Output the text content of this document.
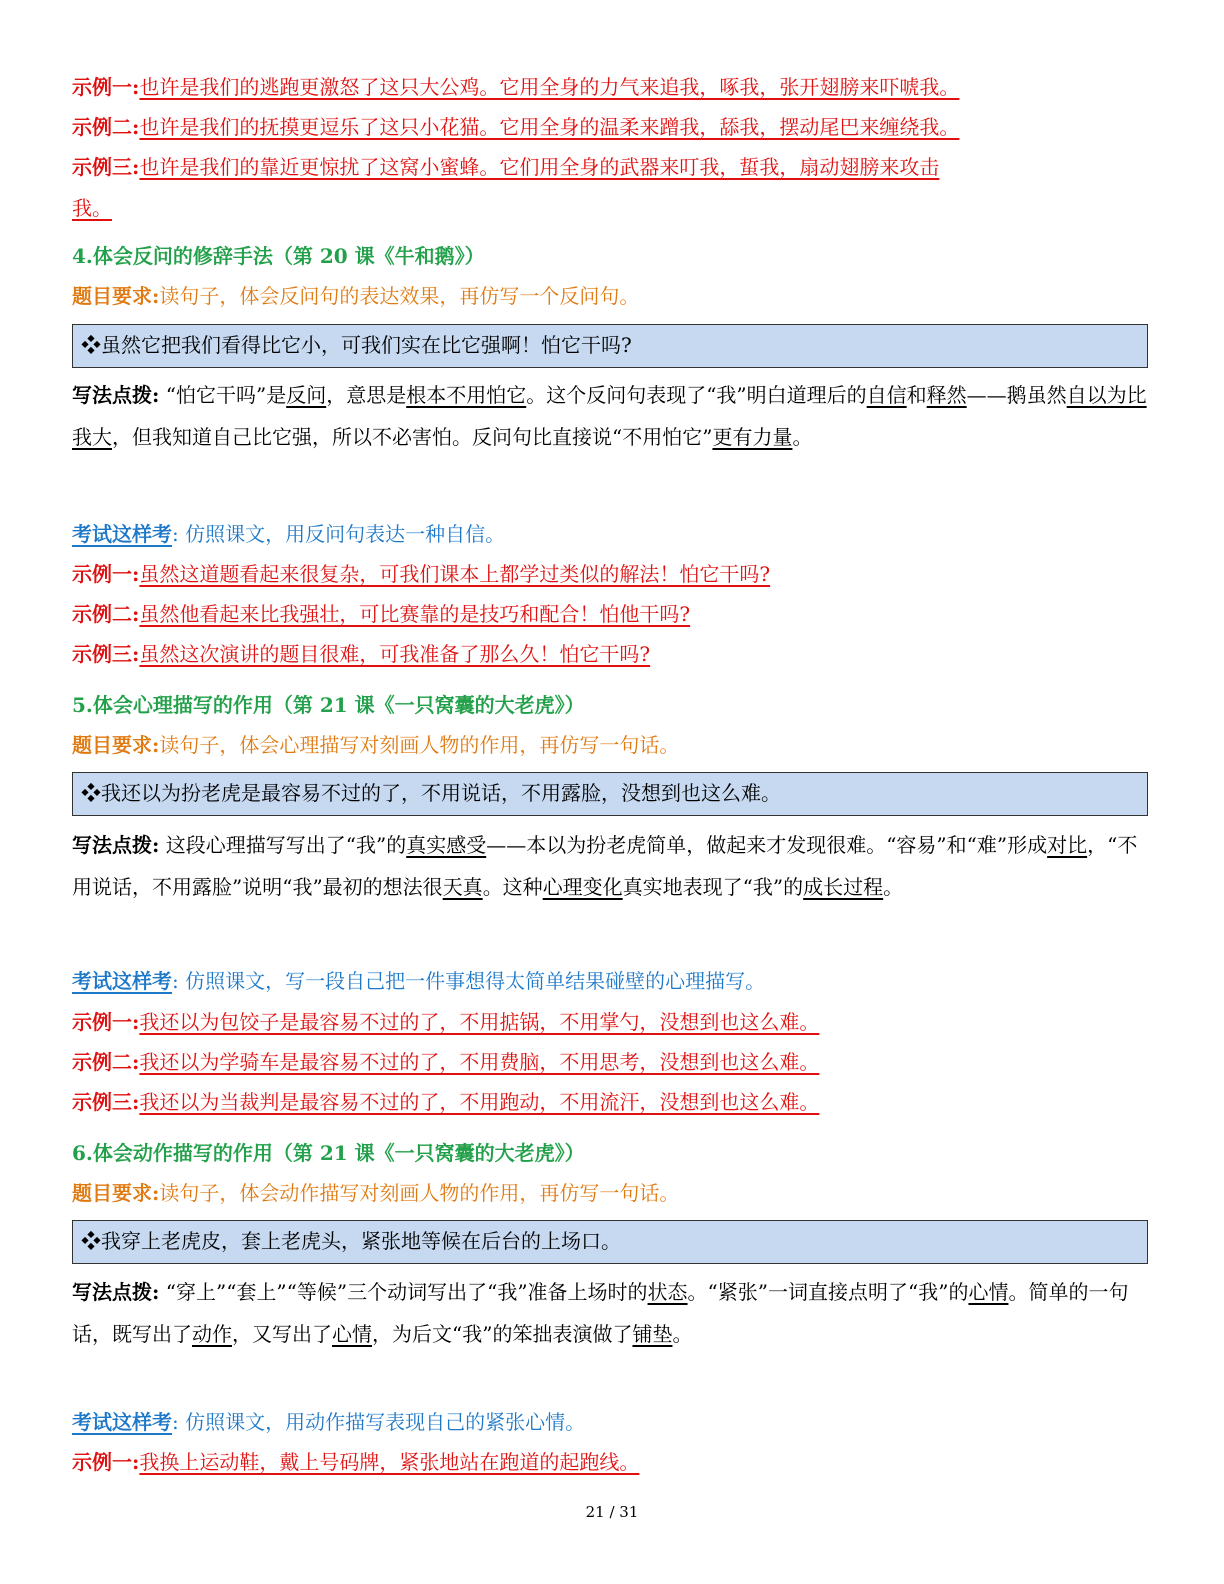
示例一:也许是我们的逃跑更激怒了这只大公鸡。它用全身的力气来追我，啄我，张开翅膀来吓唬我。
示例二:也许是我们的抚摸更逗乐了这只小花猫。它用全身的温柔来蹭我，舔我，摆动尾巴来缠绕我。
示例三:也许是我们的靠近更惊扰了这窝小蜜蜂。它们用全身的武器来叮我，蜇我，扇动翅膀来攻击
我。
4.体会反问的修辞手法（第 20 课《牛和鹅》）
题目要求:读句子，体会反问句的表达效果，再仿写一个反问句。
❖虽然它把我们看得比它小，可我们实在比它强啊！怕它干吗?
写法点拨: “怕它干吗”是反问，意思是根本不用怕它。这个反问句表现了“我”明白道理后的自信和释然——鹅虽然自以为比我大，但我知道自己比它强，所以不必害怕。反问句比直接说“不用怕它”更有力量。
考试这样考: 仿照课文，用反问句表达一种自信。
示例一:虽然这道题看起来很复杂，可我们课本上都学过类似的解法！怕它干吗?
示例二:虽然他看起来比我强壮，可比赛靠的是技巧和配合！怕他干吗?
示例三:虽然这次演讲的题目很难，可我准备了那么久！怕它干吗?
5.体会心理描写的作用（第 21 课《一只窝囊的大老虎》）
题目要求:读句子，体会心理描写对刻画人物的作用，再仿写一句话。
❖我还以为扮老虎是最容易不过的了，不用说话，不用露脸，没想到也这么难。
写法点拨: 这段心理描写写出了“我”的真实感受——本以为扮老虎简单，做起来才发现很难。“容易”和“难”形成对比，“不用说话，不用露脸”说明“我”最初的想法很天真。这种心理变化真实地表现了“我”的成长过程。
考试这样考: 仿照课文，写一段自己把一件事想得太简单结果碰壁的心理描写。
示例一:我还以为包饺子是最容易不过的了，不用掂锅，不用掌勺，没想到也这么难。
示例二:我还以为学骑车是最容易不过的了，不用费脑，不用思考，没想到也这么难。
示例三:我还以为当裁判是最容易不过的了，不用跑动，不用流汗，没想到也这么难。
6.体会动作描写的作用（第 21 课《一只窝囊的大老虎》）
题目要求:读句子，体会动作描写对刻画人物的作用，再仿写一句话。
❖我穿上老虎皮，套上老虎头，紧张地等候在后台的上场口。
写法点拨: “穿上”“套上”“等候”三个动词写出了“我”准备上场时的状态。“紧张”一词直接点明了“我”的心情。简单的一句话，既写出了动作，又写出了心情，为后文“我”的笨拙表演做了铺垫。
考试这样考: 仿照课文，用动作描写表现自己的紧张心情。
示例一:我换上运动鞋，戴上号码牌，紧张地站在跑道的起跑线。
21 / 31
